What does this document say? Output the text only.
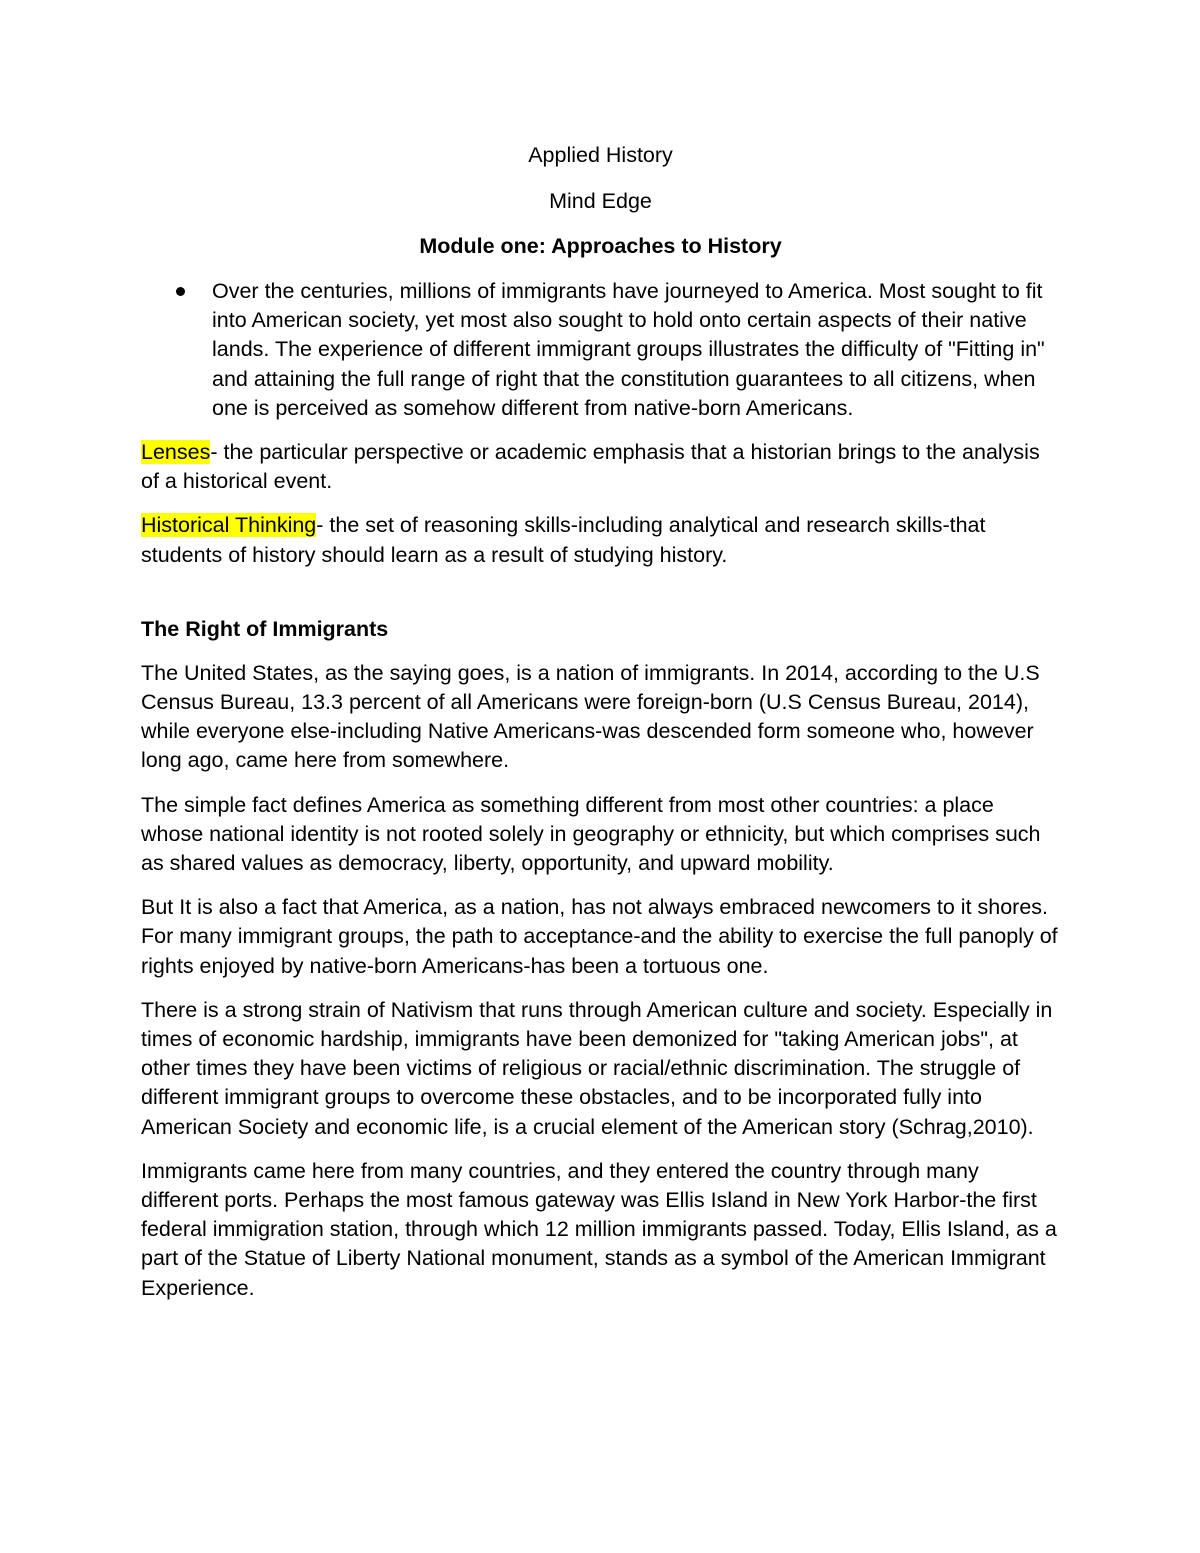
Applied History

Mind Edge

Module one: Approaches to History

Over the centuries, millions of immigrants have journeyed to America. Most sought to fit into American society, yet most also sought to hold onto certain aspects of their native lands. The experience of different immigrant groups illustrates the difficulty of "Fitting in" and attaining the full range of right that the constitution guarantees to all citizens, when one is perceived as somehow different from native-born Americans.

Lenses- the particular perspective or academic emphasis that a historian brings to the analysis of a historical event.

Historical Thinking- the set of reasoning skills-including analytical and research skills-that students of history should learn as a result of studying history.

The Right of Immigrants

The United States, as the saying goes, is a nation of immigrants. In 2014, according to the U.S Census Bureau, 13.3 percent of all Americans were foreign-born (U.S Census Bureau, 2014), while everyone else-including Native Americans-was descended form someone who, however long ago, came here from somewhere.

The simple fact defines America as something different from most other countries: a place whose national identity is not rooted solely in geography or ethnicity, but which comprises such as shared values as democracy, liberty, opportunity, and upward mobility.

But It is also a fact that America, as a nation, has not always embraced newcomers to it shores. For many immigrant groups, the path to acceptance-and the ability to exercise the full panoply of rights enjoyed by native-born Americans-has been a tortuous one.

There is a strong strain of Nativism that runs through American culture and society. Especially in times of economic hardship, immigrants have been demonized for "taking American jobs", at other times they have been victims of religious or racial/ethnic discrimination. The struggle of different immigrant groups to overcome these obstacles, and to be incorporated fully into American Society and economic life, is a crucial element of the American story (Schrag,2010).

Immigrants came here from many countries, and they entered the country through many different ports. Perhaps the most famous gateway was Ellis Island in New York Harbor-the first federal immigration station, through which 12 million immigrants passed. Today, Ellis Island, as a part of the Statue of Liberty National monument, stands as a symbol of the American Immigrant Experience.
